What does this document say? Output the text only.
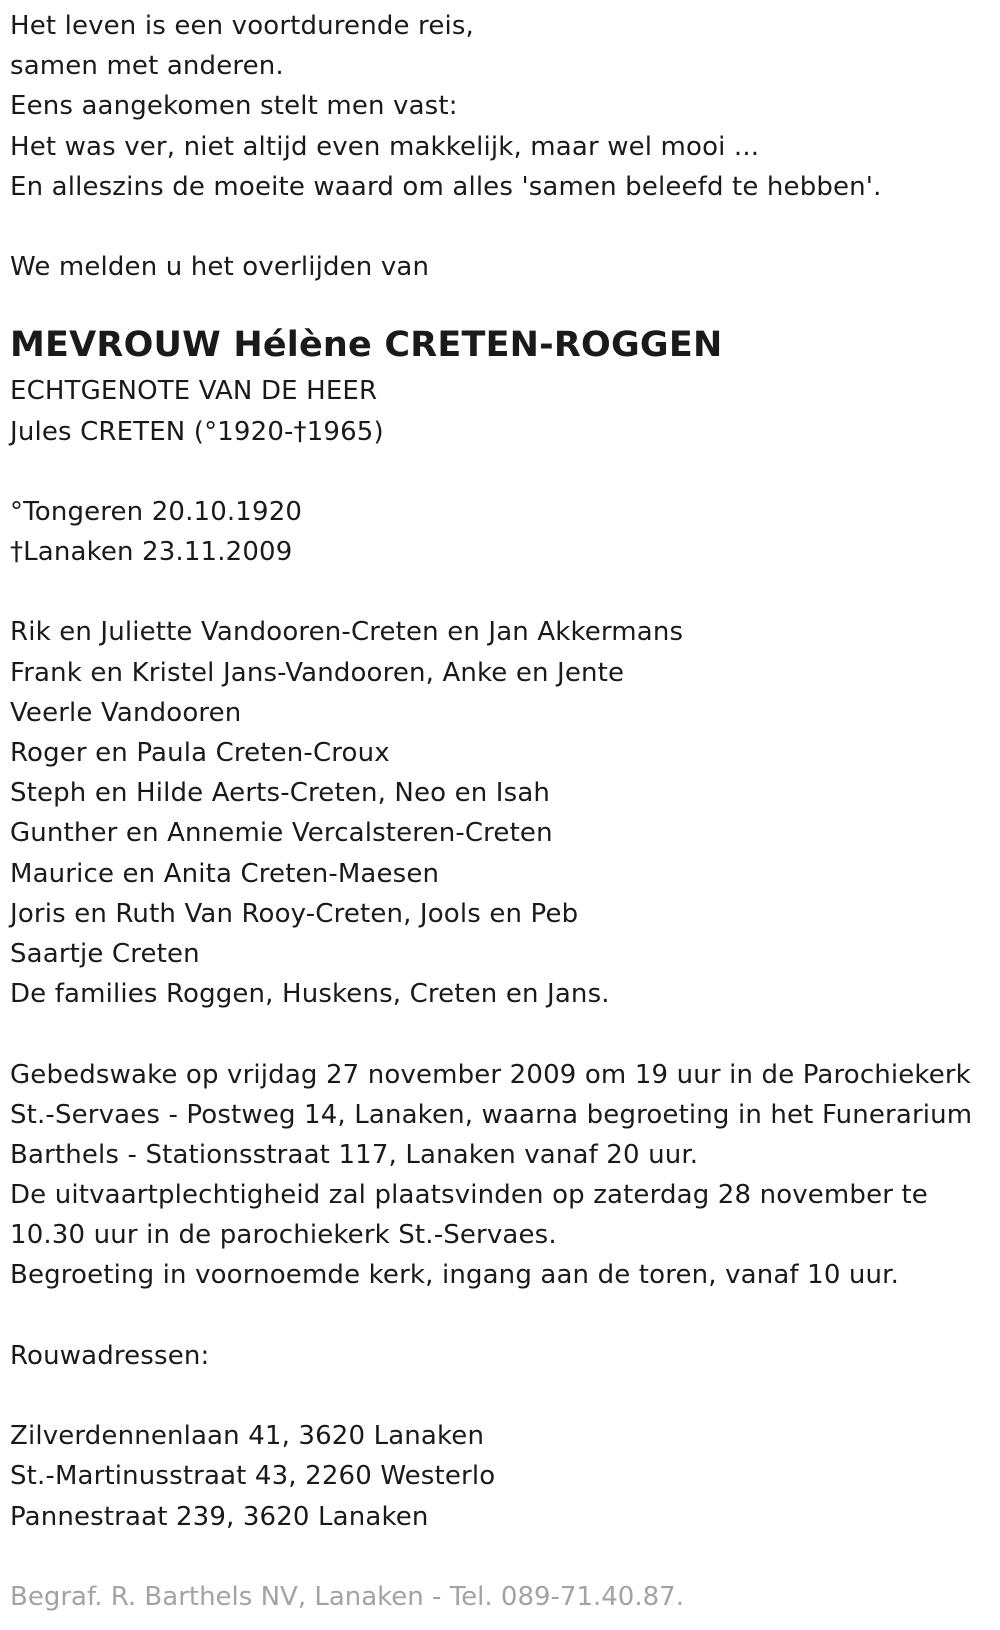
Het leven is een voortdurende reis,
samen met anderen.
Eens aangekomen stelt men vast:
Het was ver, niet altijd even makkelijk, maar wel mooi ...
En alleszins de moeite waard om alles 'samen beleefd te hebben'.
We melden u het overlijden van
MEVROUW Hélène CRETEN-ROGGEN
ECHTGENOTE VAN DE HEER
Jules CRETEN (°1920-†1965)
°Tongeren 20.10.1920
†Lanaken 23.11.2009
Rik en Juliette Vandooren-Creten en Jan Akkermans
Frank en Kristel Jans-Vandooren, Anke en Jente
Veerle Vandooren
Roger en Paula Creten-Croux
Steph en Hilde Aerts-Creten, Neo en Isah
Gunther en Annemie Vercalsteren-Creten
Maurice en Anita Creten-Maesen
Joris en Ruth Van Rooy-Creten, Jools en Peb
Saartje Creten
De families Roggen, Huskens, Creten en Jans.
Gebedswake op vrijdag 27 november 2009 om 19 uur in de Parochiekerk
St.-Servaes - Postweg 14, Lanaken, waarna begroeting in het Funerarium
Barthels - Stationsstraat 117, Lanaken vanaf 20 uur.
De uitvaartplechtigheid zal plaatsvinden op zaterdag 28 november te
10.30 uur in de parochiekerk St.-Servaes.
Begroeting in voornoemde kerk, ingang aan de toren, vanaf 10 uur.
Rouwadressen:
Zilverdennenlaan 41, 3620 Lanaken
St.-Martinusstraat 43, 2260 Westerlo
Pannestraat 239, 3620 Lanaken
Begraf. R. Barthels NV, Lanaken - Tel. 089-71.40.87.
